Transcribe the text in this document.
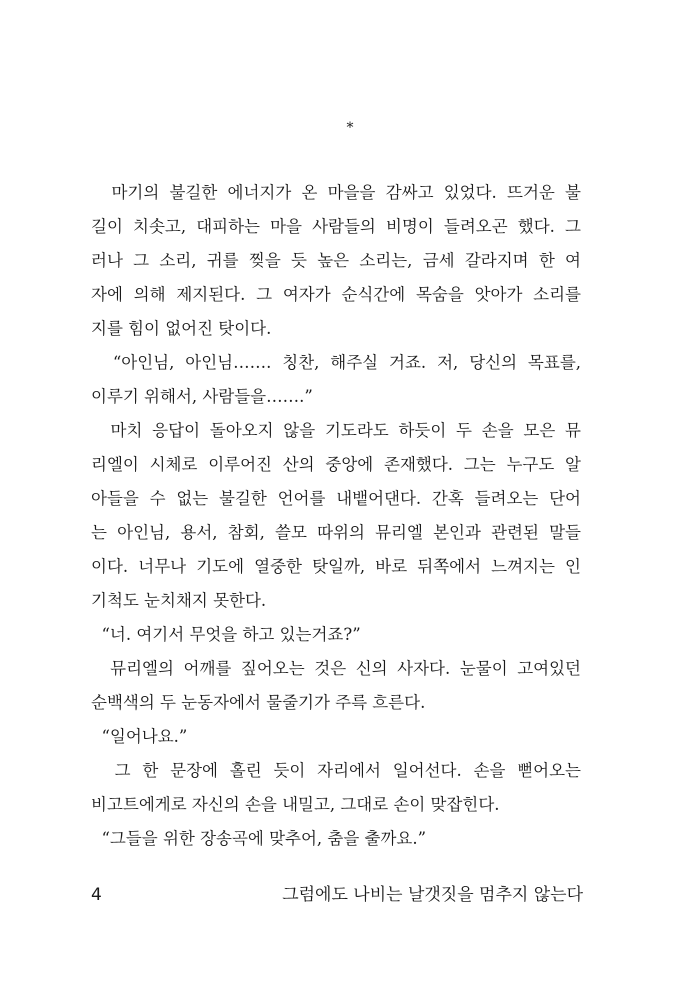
*
마기의 불길한 에너지가 온 마을을 감싸고 있었다. 뜨거운 불
길이 치솟고, 대피하는 마을 사람들의 비명이 들려오곤 했다. 그
러나 그 소리, 귀를 찢을 듯 높은 소리는, 금세 갈라지며 한 여
자에 의해 제지된다. 그 여자가 순식간에 목숨을 앗아가 소리를
지를 힘이 없어진 탓이다.
“아인님, 아인님……. 칭찬, 해주실 거죠. 저, 당신의 목표를,
이루기 위해서, 사람들을…….”
마치 응답이 돌아오지 않을 기도라도 하듯이 두 손을 모은 뮤
리엘이 시체로 이루어진 산의 중앙에 존재했다. 그는 누구도 알
아들을 수 없는 불길한 언어를 내뱉어댄다. 간혹 들려오는 단어
는 아인님, 용서, 참회, 쓸모 따위의 뮤리엘 본인과 관련된 말들
이다. 너무나 기도에 열중한 탓일까, 바로 뒤쪽에서 느껴지는 인
기척도 눈치채지 못한다.
“너. 여기서 무엇을 하고 있는거죠?”
뮤리엘의 어깨를 짚어오는 것은 신의 사자다. 눈물이 고여있던
순백색의 두 눈동자에서 물줄기가 주륵 흐른다.
“일어나요.”
그 한 문장에 홀린 듯이 자리에서 일어선다. 손을 뻗어오는
비고트에게로 자신의 손을 내밀고, 그대로 손이 맞잡힌다.
“그들을 위한 장송곡에 맞추어, 춤을 출까요.”
4	그럼에도 나비는 날갯짓을 멈추지 않는다
